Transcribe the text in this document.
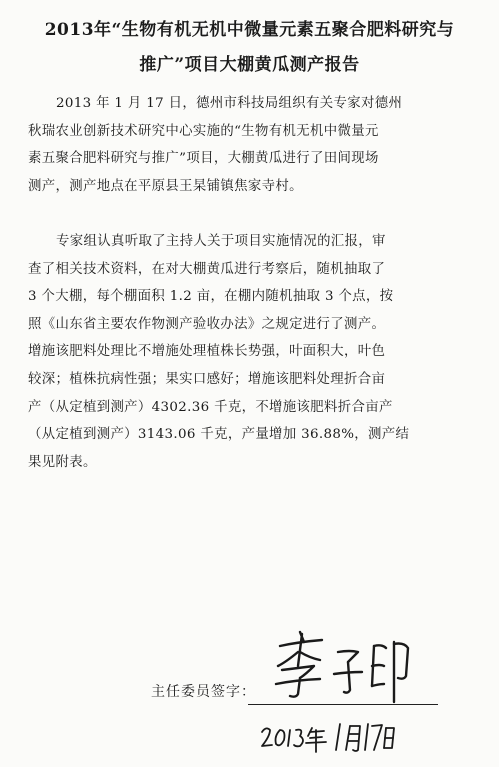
2013年“生物有机无机中微量元素五聚合肥料研究与
推广”项目大棚黄瓜测产报告
2013 年 1 月 17 日，德州市科技局组织有关专家对德州
秋瑞农业创新技术研究中心实施的“生物有机无机中微量元
素五聚合肥料研究与推广”项目，大棚黄瓜进行了田间现场
测产，测产地点在平原县王杲铺镇焦家寺村。
专家组认真听取了主持人关于项目实施情况的汇报，审
查了相关技术资料，在对大棚黄瓜进行考察后，随机抽取了
3 个大棚，每个棚面积 1.2 亩，在棚内随机抽取 3 个点，按
照《山东省主要农作物测产验收办法》之规定进行了测产。
增施该肥料处理比不增施处理植株长势强，叶面积大，叶色
较深；植株抗病性强；果实口感好；增施该肥料处理折合亩
产（从定植到测产）4302.36 千克，不增施该肥料折合亩产
（从定植到测产）3143.06 千克，产量增加 36.88%，测产结
果见附表。
主任委员签字：
